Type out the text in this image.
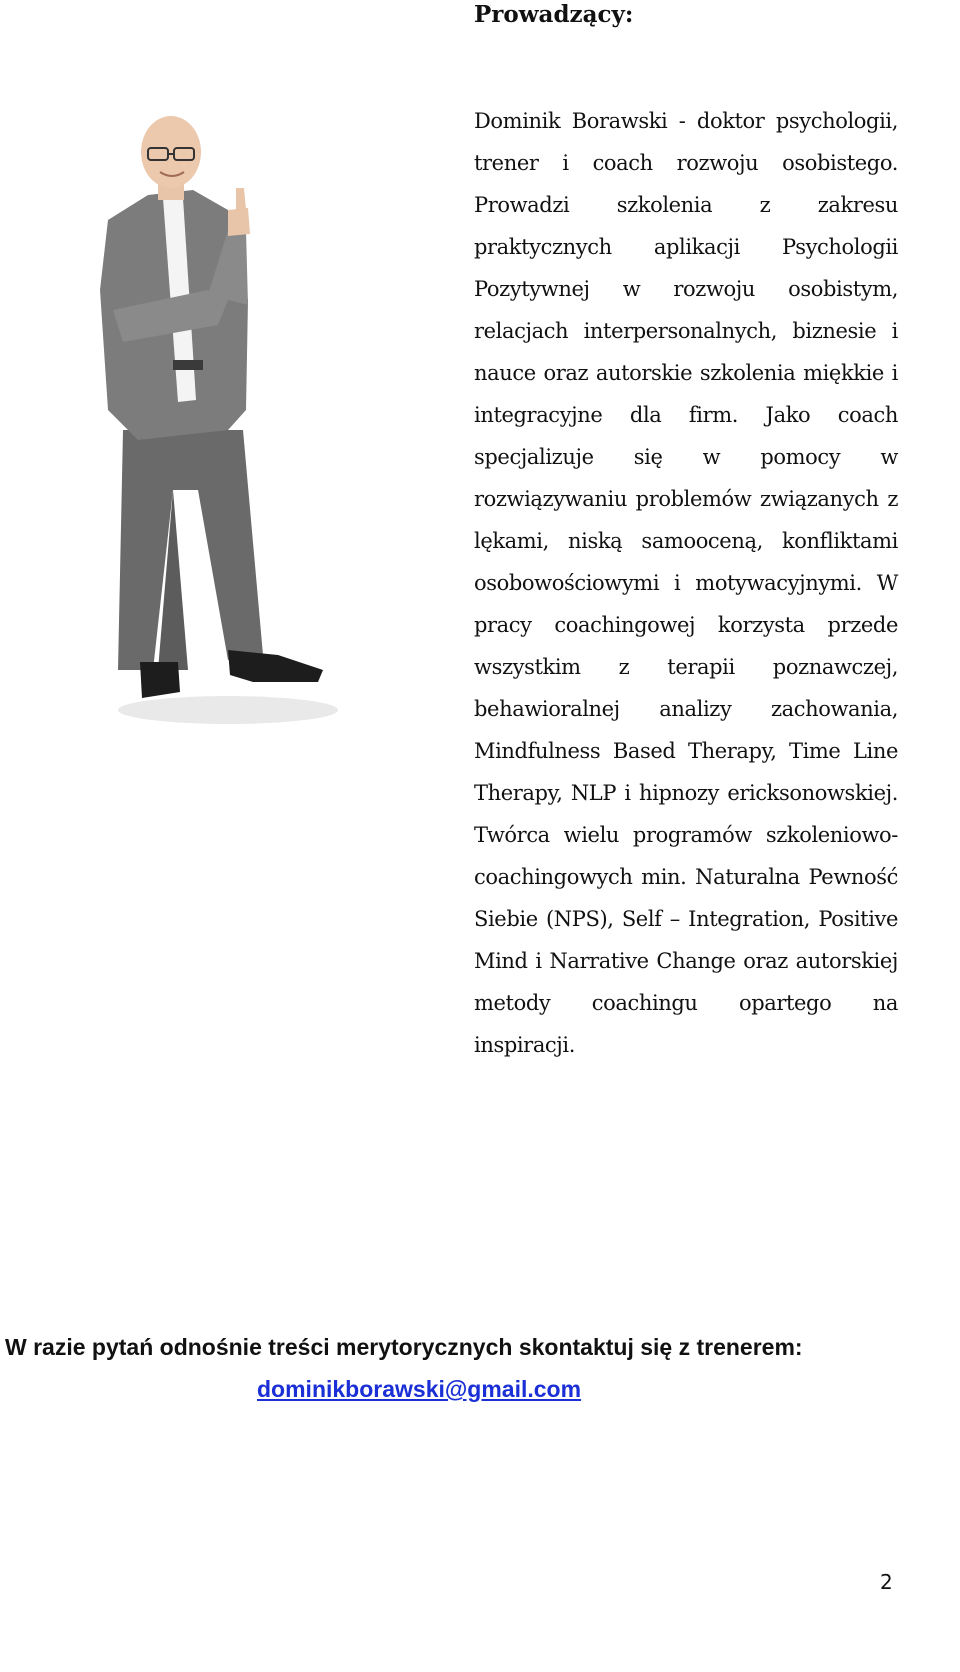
Prowadzący:

Dominik Borawski - doktor psychologii, trener i coach rozwoju osobistego. Prowadzi szkolenia z zakresu praktycznych aplikacji Psychologii Pozytywnej w rozwoju osobistym, relacjach interpersonalnych, biznesie i nauce oraz autorskie szkolenia miękkie i integracyjne dla firm. Jako coach specjalizuje się w pomocy w rozwiązywaniu problemów związanych z lękami, niską samooceną, konfliktami osobowościowymi i motywacyjnymi. W pracy coachingowej korzysta przede wszystkim z terapii poznawczej, behawioralnej analizy zachowania, Mindfulness Based Therapy, Time Line Therapy, NLP i hipnozy ericksonowskiej. Twórca wielu programów szkoleniowo-coachingowych min. Naturalna Pewność Siebie (NPS), Self – Integration, Positive Mind i Narrative Change oraz autorskiej metody coachingu opartego na inspiracji.

W razie pytań odnośnie treści merytorycznych skontaktuj się z trenerem:

dominikborawski@gmail.com
2
